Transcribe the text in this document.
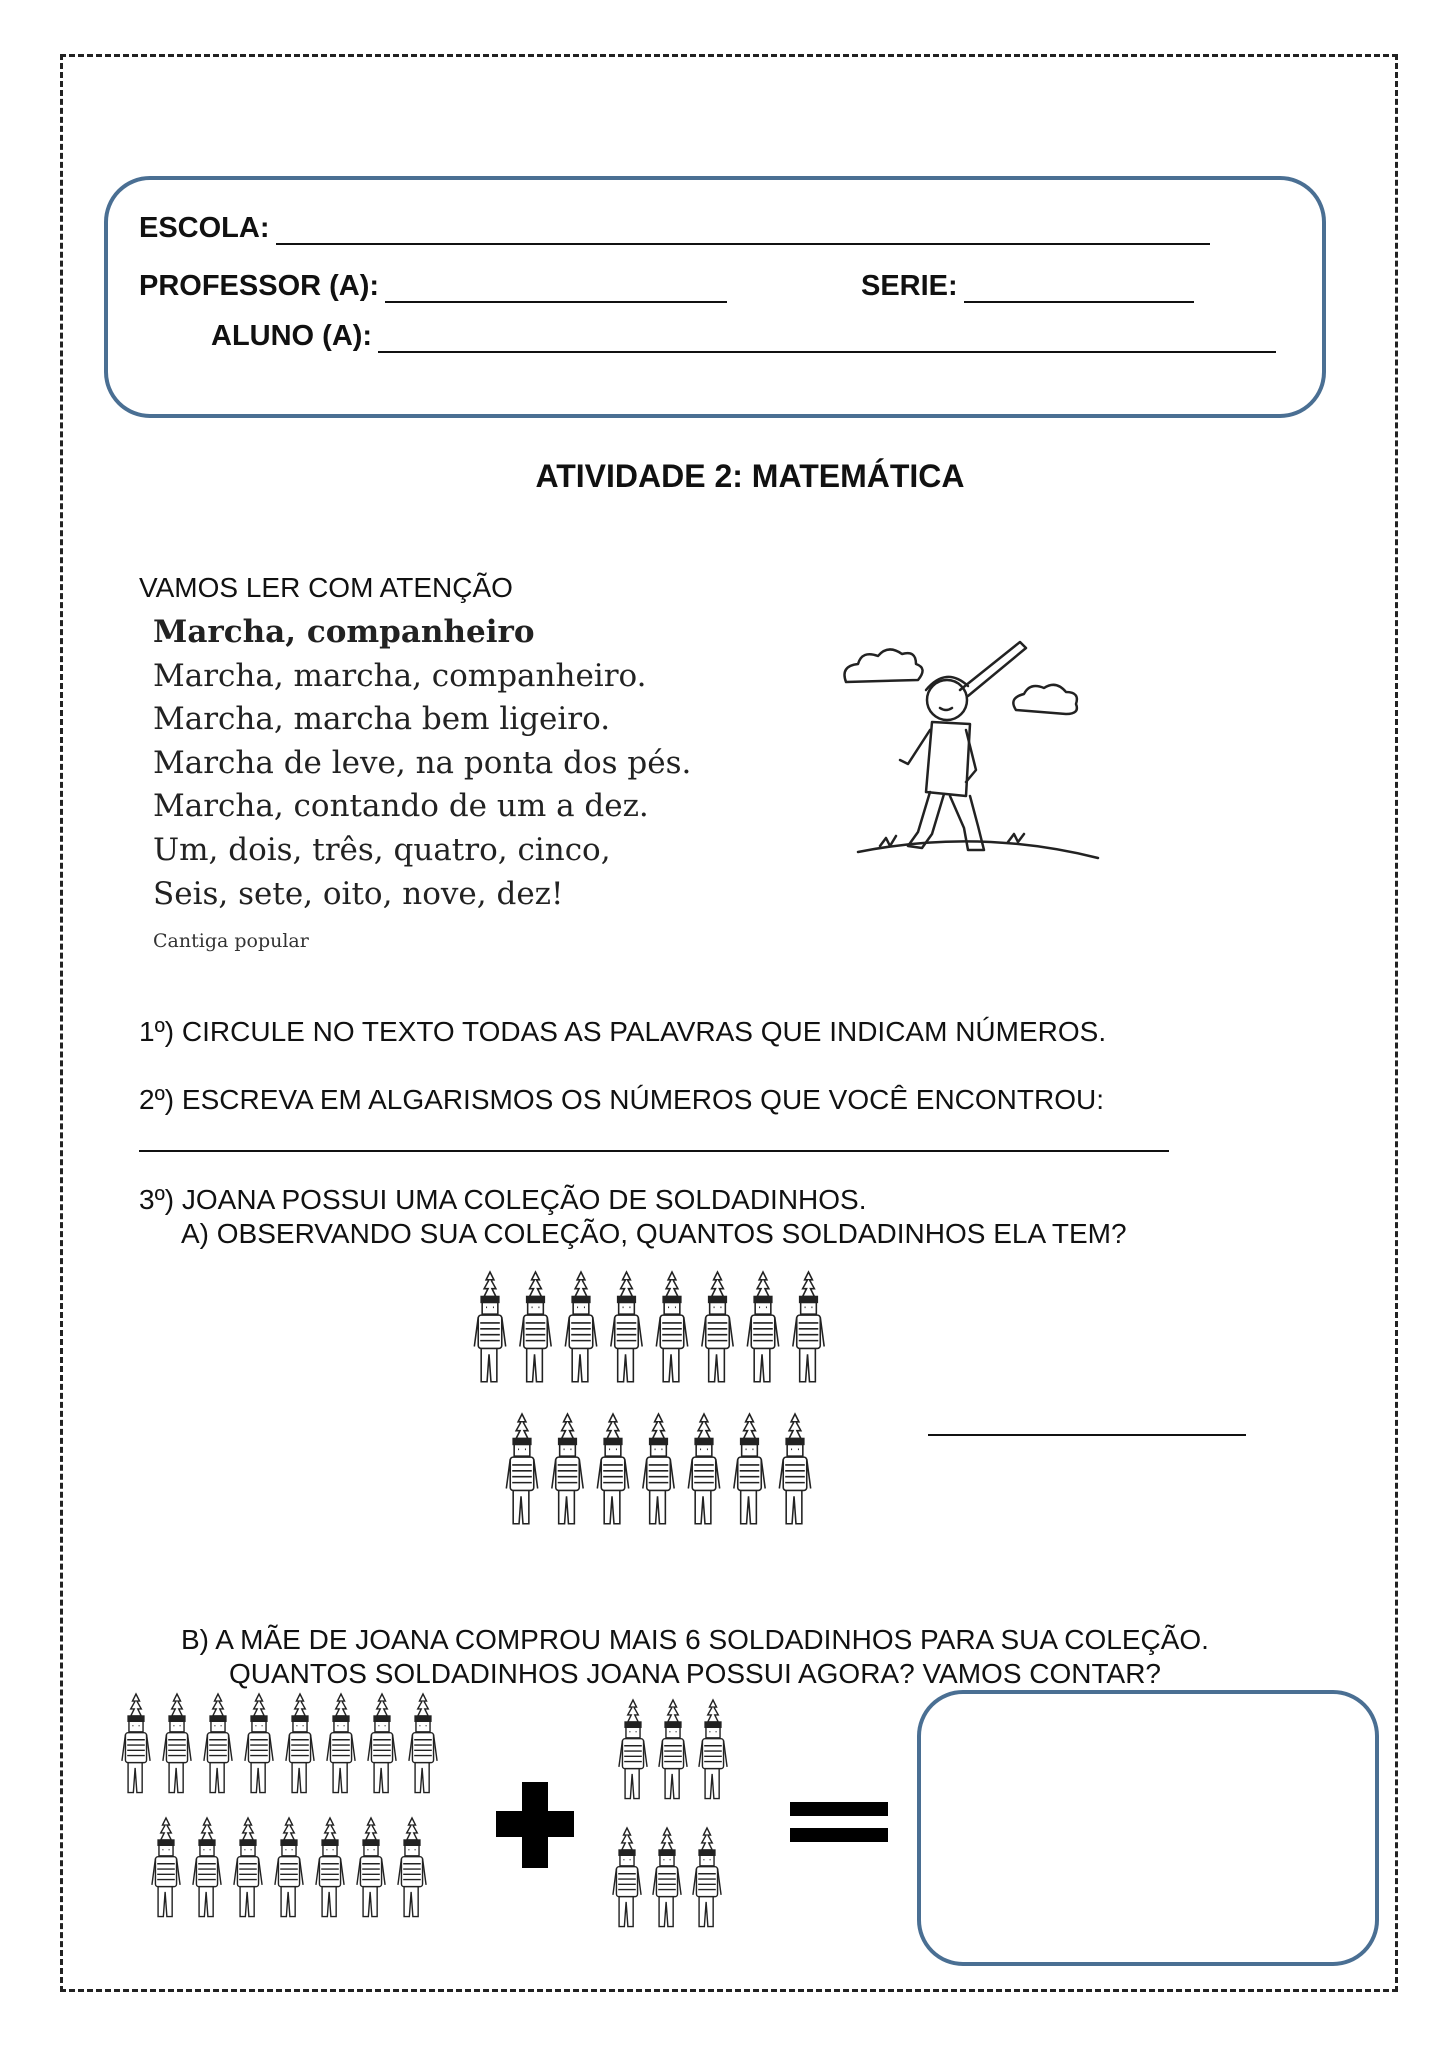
ESCOLA:
PROFESSOR (A):	SERIE:
ALUNO (A):
ATIVIDADE 2: MATEMÁTICA
VAMOS LER COM ATENÇÃO
Marcha, companheiro
Marcha, marcha, companheiro.
Marcha, marcha bem ligeiro.
Marcha de leve, na ponta dos pés.
Marcha, contando de um a dez.
Um, dois, três, quatro, cinco,
Seis, sete, oito, nove, dez!
Cantiga popular
1º) CIRCULE NO TEXTO TODAS AS PALAVRAS QUE INDICAM NÚMEROS.
2º) ESCREVA EM ALGARISMOS OS NÚMEROS QUE VOCÊ ENCONTROU:
3º) JOANA POSSUI UMA COLEÇÃO DE SOLDADINHOS.
A) OBSERVANDO SUA COLEÇÃO, QUANTOS SOLDADINHOS ELA TEM?
B) A MÃE DE JOANA COMPROU MAIS 6 SOLDADINHOS PARA SUA COLEÇÃO.
QUANTOS SOLDADINHOS JOANA POSSUI AGORA? VAMOS CONTAR?
